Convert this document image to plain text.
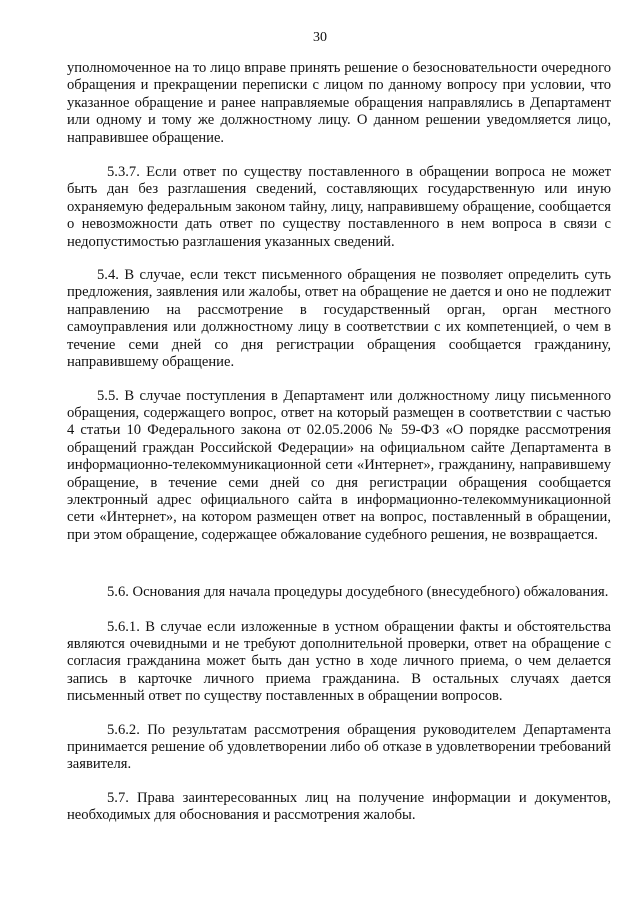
30

уполномоченное на то лицо вправе принять решение о безосновательности очередного обращения и прекращении переписки с лицом по данному вопросу при условии, что указанное обращение и ранее направляемые обращения направлялись в Департамент или одному и тому же должностному лицу. О данном решении уведомляется лицо, направившее обращение.

5.3.7. Если ответ по существу поставленного в обращении вопроса не может быть дан без разглашения сведений, составляющих государственную или иную охраняемую федеральным законом тайну, лицу, направившему обращение, сообщается о невозможности дать ответ по существу поставленного в нем вопроса в связи с недопустимостью разглашения указанных сведений.

5.4. В случае, если текст письменного обращения не позволяет определить суть предложения, заявления или жалобы, ответ на обращение не дается и оно не подлежит направлению на рассмотрение в государственный орган, орган местного самоуправления или должностному лицу в соответствии с их компетенцией, о чем в течение семи дней со дня регистрации обращения сообщается гражданину, направившему обращение.

5.5. В случае поступления в Департамент или должностному лицу письменного обращения, содержащего вопрос, ответ на который размещен в соответствии с частью 4 статьи 10 Федерального закона от 02.05.2006 № 59-ФЗ «О порядке рассмотрения обращений граждан Российской Федерации» на официальном сайте Департамента в информационно-телекоммуникационной сети «Интернет», гражданину, направившему обращение, в течение семи дней со дня регистрации обращения сообщается электронный адрес официального сайта в информационно-телекоммуникационной сети «Интернет», на котором размещен ответ на вопрос, поставленный в обращении, при этом обращение, содержащее обжалование судебного решения, не возвращается.

5.6. Основания для начала процедуры досудебного (внесудебного) обжалования.

5.6.1. В случае если изложенные в устном обращении факты и обстоятельства являются очевидными и не требуют дополнительной проверки, ответ на обращение с согласия гражданина может быть дан устно в ходе личного приема, о чем делается запись в карточке личного приема гражданина. В остальных случаях дается письменный ответ по существу поставленных в обращении вопросов.

5.6.2. По результатам рассмотрения обращения руководителем Департамента принимается решение об удовлетворении либо об отказе в удовлетворении требований заявителя.

5.7. Права заинтересованных лиц на получение информации и документов, необходимых для обоснования и рассмотрения жалобы.
